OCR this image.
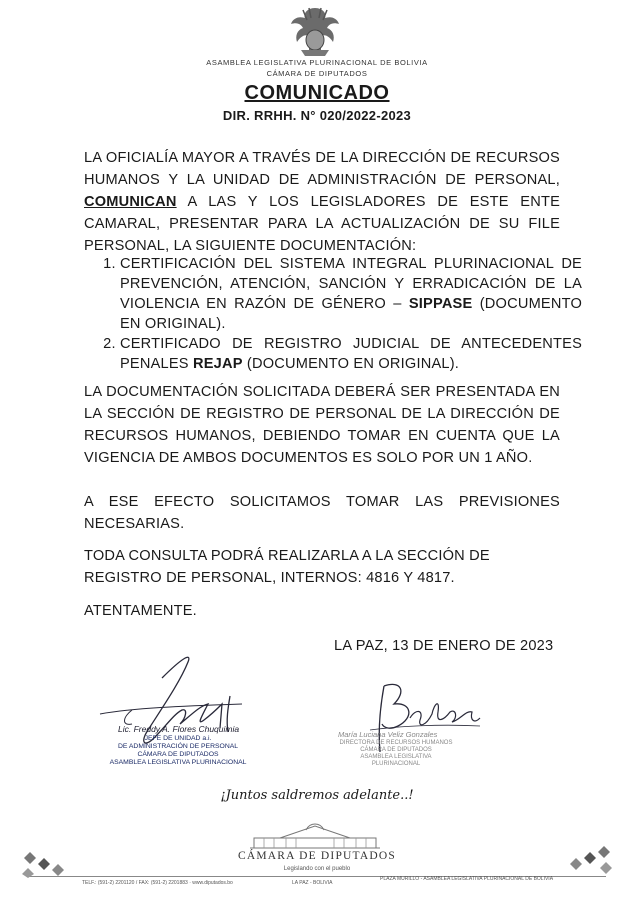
ASAMBLEA LEGISLATIVA PLURINACIONAL DE BOLIVIA
CÁMARA DE DIPUTADOS
COMUNICADO
DIR. RRHH. N° 020/2022-2023
LA OFICIALÍA MAYOR A TRAVÉS DE LA DIRECCIÓN DE RECURSOS HUMANOS Y LA UNIDAD DE ADMINISTRACIÓN DE PERSONAL, COMUNICAN A LAS Y LOS LEGISLADORES DE ESTE ENTE CAMARAL, PRESENTAR PARA LA ACTUALIZACIÓN DE SU FILE PERSONAL, LA SIGUIENTE DOCUMENTACIÓN:
1. CERTIFICACIÓN DEL SISTEMA INTEGRAL PLURINACIONAL DE PREVENCIÓN, ATENCIÓN, SANCIÓN Y ERRADICACIÓN DE LA VIOLENCIA EN RAZÓN DE GÉNERO – SIPPASE (DOCUMENTO EN ORIGINAL).
2. CERTIFICADO DE REGISTRO JUDICIAL DE ANTECEDENTES PENALES REJAP (DOCUMENTO EN ORIGINAL).
LA DOCUMENTACIÓN SOLICITADA DEBERÁ SER PRESENTADA EN LA SECCIÓN DE REGISTRO DE PERSONAL DE LA DIRECCIÓN DE RECURSOS HUMANOS, DEBIENDO TOMAR EN CUENTA QUE LA VIGENCIA DE AMBOS DOCUMENTOS ES SOLO POR UN 1 AÑO.
A ESE EFECTO SOLICITAMOS TOMAR LAS PREVISIONES NECESARIAS.
TODA CONSULTA PODRÁ REALIZARLA A LA SECCIÓN DE REGISTRO DE PERSONAL, INTERNOS: 4816 Y 4817.
ATENTAMENTE.
LA PAZ, 13 DE ENERO DE 2023
Lic. Freddy A. Flores Chuquimia
JEFE DE UNIDAD a.i.
DE ADMINISTRACIÓN DE PERSONAL
CÁMARA DE DIPUTADOS
ASAMBLEA LEGISLATIVA PLURINACIONAL
María Luciana Veliz Gonzales
DIRECTORA DE RECURSOS HUMANOS
CÁMARA DE DIPUTADOS
ASAMBLEA LEGISLATIVA PLURINACIONAL
¡Juntos saldremos adelante..!
CÁMARA DE DIPUTADOS
Legislando con el pueblo
TELF.: (591-2) 2201120 / FAX: (591-2) 2201883 · www.diputados.bo	LA PAZ - BOLIVIA
PLAZA MURILLO - ASAMBLEA LEGISLATIVA PLURINACIONAL DE BOLIVIA
